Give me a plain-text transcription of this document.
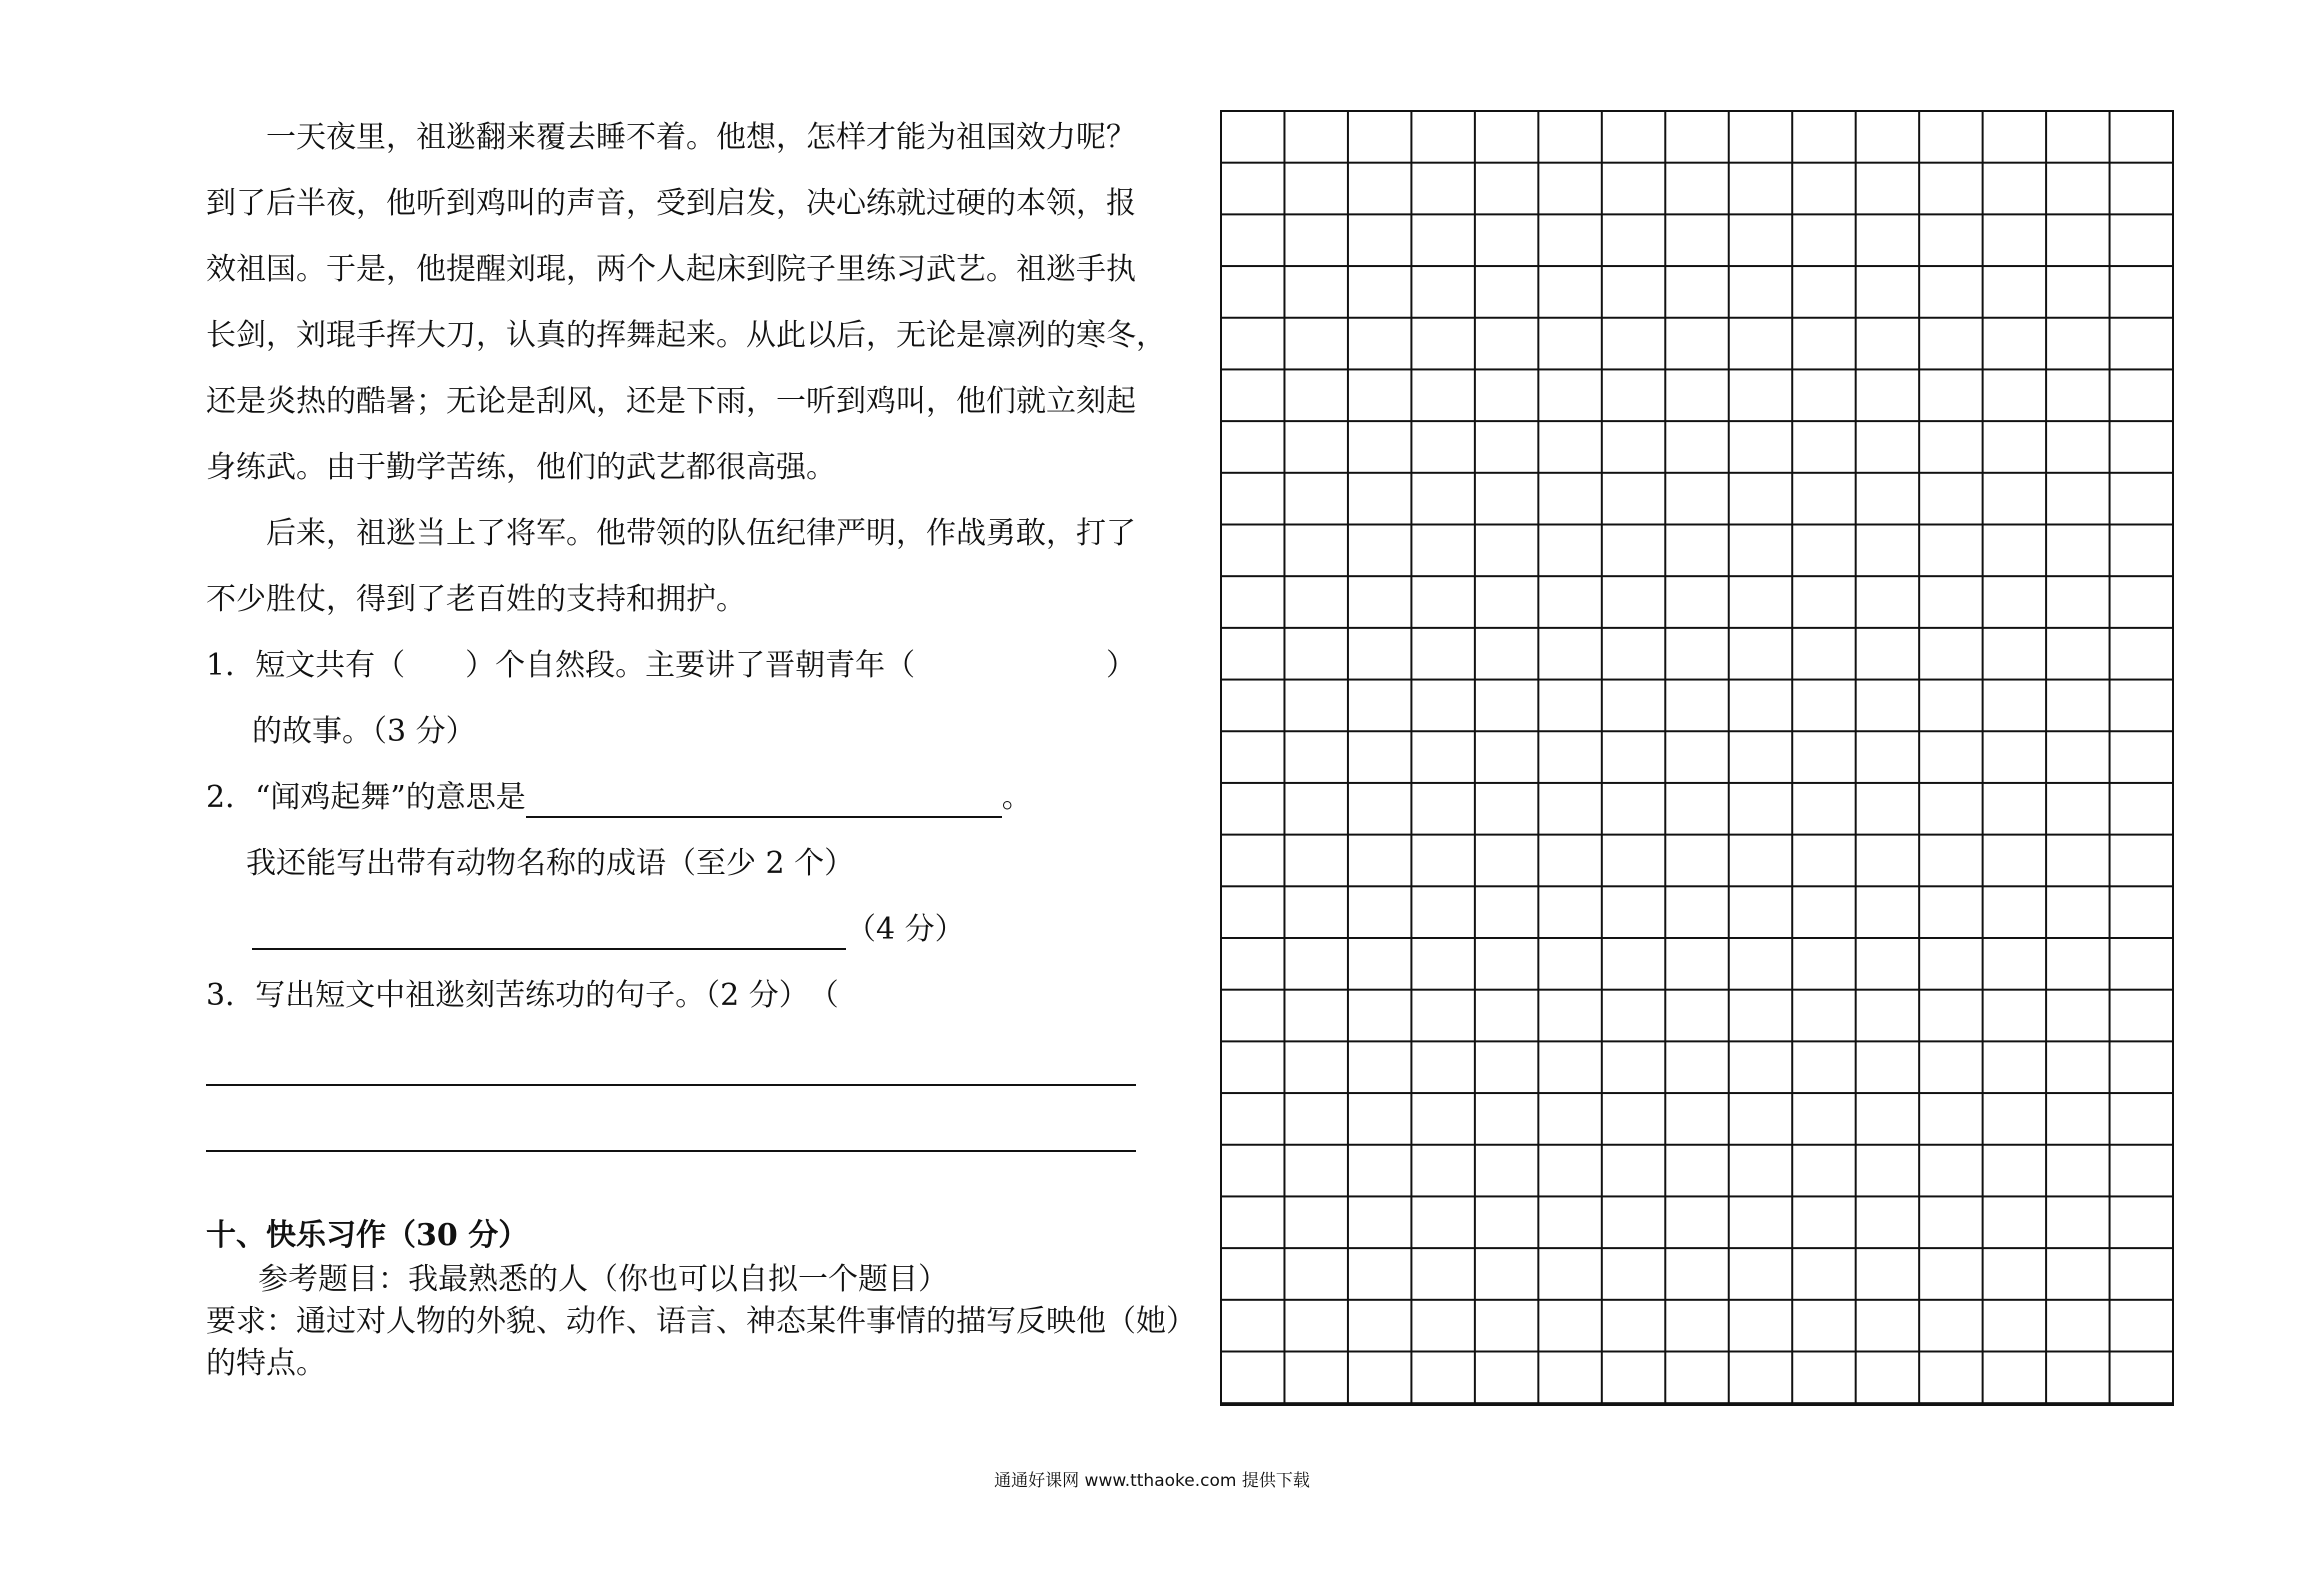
　　一天夜里，祖逖翻来覆去睡不着。他想，怎样才能为祖国效力呢？
到了后半夜，他听到鸡叫的声音，受到启发，决心练就过硬的本领，报
效祖国。于是，他提醒刘琨，两个人起床到院子里练习武艺。祖逖手执
长剑，刘琨手挥大刀，认真的挥舞起来。从此以后，无论是凛冽的寒冬，
还是炎热的酷暑；无论是刮风，还是下雨，一听到鸡叫，他们就立刻起
身练武。由于勤学苦练，他们的武艺都很高强。
　　后来，祖逖当上了将军。他带领的队伍纪律严明，作战勇敢，打了
不少胜仗，得到了老百姓的支持和拥护。
1．短文共有（　　）个自然段。主要讲了晋朝青年（	）
的故事。（3 分）
2．“闻鸡起舞”的意思是	。
我还能写出带有动物名称的成语（至少 2 个）
（4 分）
3．写出短文中祖逖刻苦练功的句子。（2 分）　（
十、快乐习作（30 分）
参考题目：我最熟悉的人（你也可以自拟一个题目）
要求：通过对人物的外貌、动作、语言、神态某件事情的描写反映他（她）
的特点。
通通好课网 www.tthaoke.com 提供下载
